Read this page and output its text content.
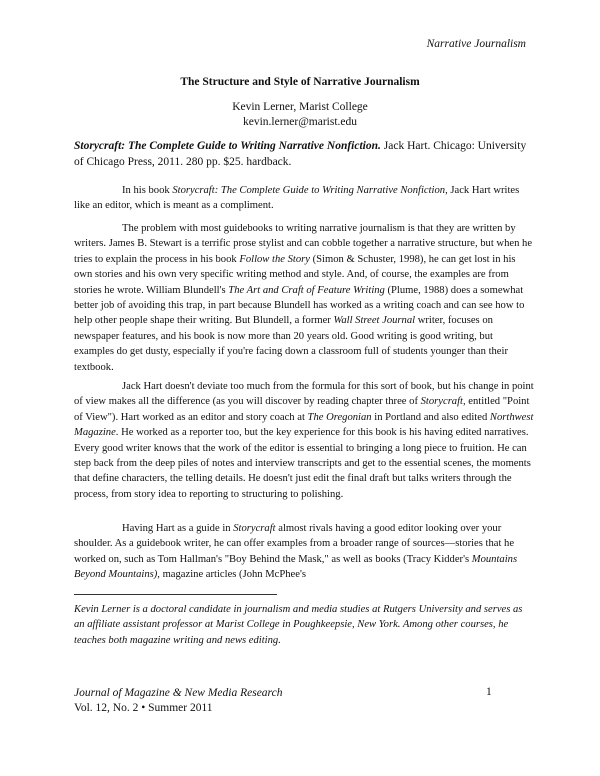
Narrative Journalism
The Structure and Style of Narrative Journalism
Kevin Lerner, Marist College
kevin.lerner@marist.edu
Storycraft: The Complete Guide to Writing Narrative Nonfiction. Jack Hart. Chicago: University of Chicago Press, 2011. 280 pp. $25. hardback.
In his book Storycraft: The Complete Guide to Writing Narrative Nonfiction, Jack Hart writes like an editor, which is meant as a compliment.
The problem with most guidebooks to writing narrative journalism is that they are written by writers. James B. Stewart is a terrific prose stylist and can cobble together a narrative structure, but when he tries to explain the process in his book Follow the Story (Simon & Schuster, 1998), he can get lost in his own stories and his own very specific writing method and style. And, of course, the examples are from stories he wrote. William Blundell's The Art and Craft of Feature Writing (Plume, 1988) does a somewhat better job of avoiding this trap, in part because Blundell has worked as a writing coach and can see how to help other people shape their writing. But Blundell, a former Wall Street Journal writer, focuses on newspaper features, and his book is now more than 20 years old. Good writing is good writing, but examples do get dusty, especially if you're facing down a classroom full of students younger than their textbook.
Jack Hart doesn't deviate too much from the formula for this sort of book, but his change in point of view makes all the difference (as you will discover by reading chapter three of Storycraft, entitled "Point of View"). Hart worked as an editor and story coach at The Oregonian in Portland and also edited Northwest Magazine. He worked as a reporter too, but the key experience for this book is his having edited narratives. Every good writer knows that the work of the editor is essential to bringing a long piece to fruition. He can step back from the deep piles of notes and interview transcripts and get to the essential scenes, the moments that define characters, the telling details. He doesn't just edit the final draft but talks writers through the process, from story idea to reporting to structuring to polishing.
Having Hart as a guide in Storycraft almost rivals having a good editor looking over your shoulder. As a guidebook writer, he can offer examples from a broader range of sources—stories that he worked on, such as Tom Hallman's "Boy Behind the Mask," as well as books (Tracy Kidder's Mountains Beyond Mountains), magazine articles (John McPhee's
Kevin Lerner is a doctoral candidate in journalism and media studies at Rutgers University and serves as an affiliate assistant professor at Marist College in Poughkeepsie, New York. Among other courses, he teaches both magazine writing and news editing.
Journal of Magazine & New Media Research
Vol. 12, No. 2 • Summer 2011
1
